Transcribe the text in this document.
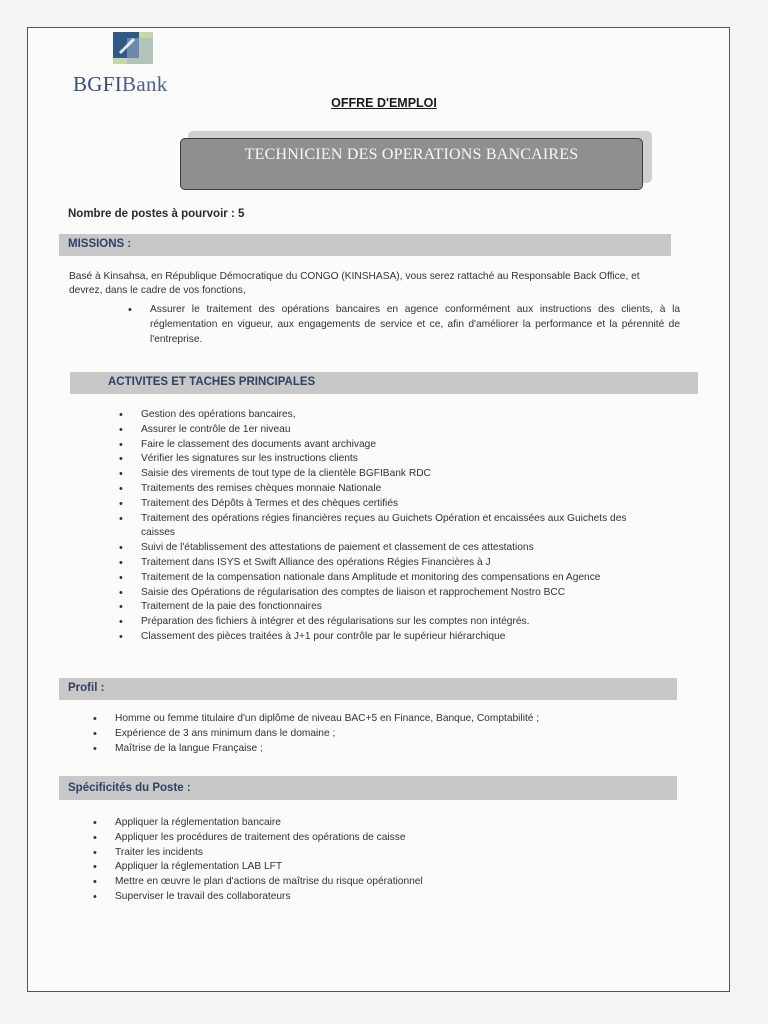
BGFIBank
OFFRE D'EMPLOI
TECHNICIEN DES OPERATIONS BANCAIRES
Nombre de postes à pourvoir : 5
MISSIONS :
Basé à Kinsahsa, en République Démocratique du CONGO (KINSHASA), vous serez rattaché au Responsable Back Office, et devrez, dans le cadre de vos fonctions,
• Assurer le traitement des opérations bancaires en agence conformément aux instructions des clients, à la réglementation en vigueur, aux engagements de service et ce, afin d'améliorer la performance et la pérennité de l'entreprise.
ACTIVITES ET TACHES PRINCIPALES
• Gestion des opérations bancaires,
• Assurer le contrôle de 1er niveau
• Faire le classement des documents avant archivage
• Vérifier les signatures sur les instructions clients
• Saisie des virements de tout type de la clientèle BGFIBank RDC
• Traitements des remises chèques monnaie Nationale
• Traitement des Dépôts à Termes et des chèques certifiés
• Traitement des opérations régies financières reçues au Guichets Opération et encaissées aux Guichets des caisses
• Suivi de l'établissement des attestations de paiement et classement de ces attestations
• Traitement dans ISYS et Swift Alliance des opérations Régies Financières à J
• Traitement de la compensation nationale dans Amplitude et monitoring des compensations en Agence
• Saisie des Opérations de régularisation des comptes de liaison et rapprochement Nostro BCC
• Traitement de la paie des fonctionnaires
• Préparation des fichiers à intégrer et des régularisations sur les comptes non intégrés.
• Classement des pièces traitées à J+1 pour contrôle par le supérieur hiérarchique
Profil :
• Homme ou femme titulaire d'un diplôme de niveau BAC+5 en Finance, Banque, Comptabilité ;
• Expérience de 3 ans minimum dans le domaine ;
• Maîtrise de la langue Française ;
Spécificités du Poste :
• Appliquer la réglementation bancaire
• Appliquer les procédures de traitement des opérations de caisse
• Traiter les incidents
• Appliquer la réglementation LAB LFT
• Mettre en œuvre le plan d'actions de maîtrise du risque opérationnel
• Superviser le travail des collaborateurs
